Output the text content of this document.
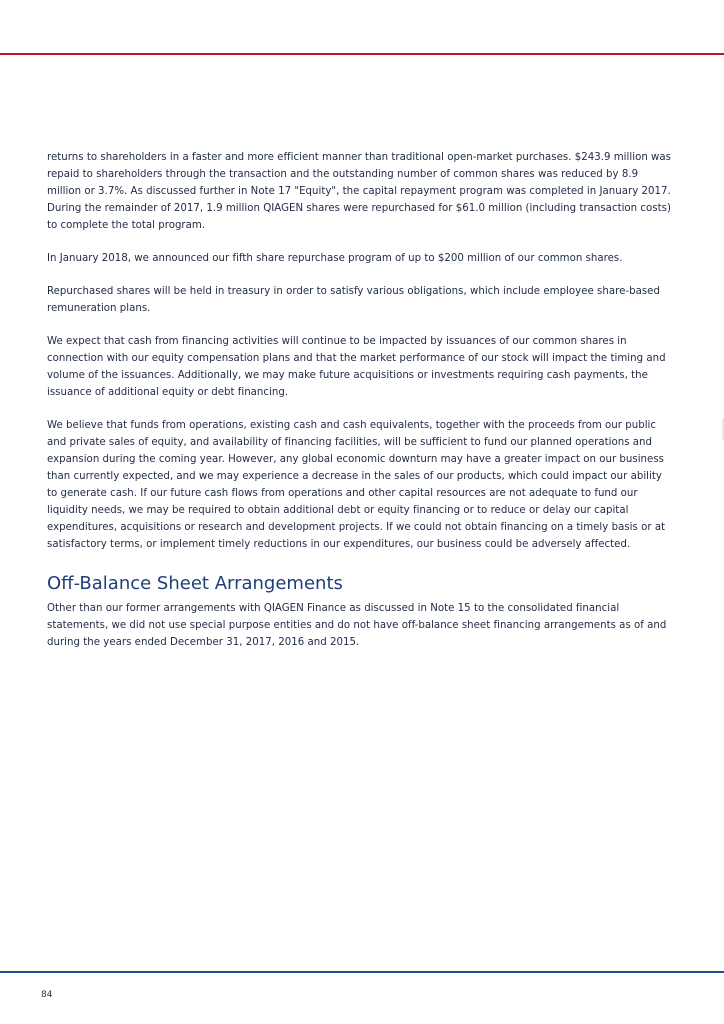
returns to shareholders in a faster and more efficient manner than traditional open-market purchases. $243.9 million was repaid to shareholders through the transaction and the outstanding number of common shares was reduced by 8.9 million or 3.7%. As discussed further in Note 17 "Equity", the capital repayment program was completed in January 2017. During the remainder of 2017, 1.9 million QIAGEN shares were repurchased for $61.0 million (including transaction costs) to complete the total program.

In January 2018, we announced our fifth share repurchase program of up to $200 million of our common shares.

Repurchased shares will be held in treasury in order to satisfy various obligations, which include employee share-based remuneration plans.

We expect that cash from financing activities will continue to be impacted by issuances of our common shares in connection with our equity compensation plans and that the market performance of our stock will impact the timing and volume of the issuances. Additionally, we may make future acquisitions or investments requiring cash payments, the issuance of additional equity or debt financing.

We believe that funds from operations, existing cash and cash equivalents, together with the proceeds from our public and private sales of equity, and availability of financing facilities, will be sufficient to fund our planned operations and expansion during the coming year. However, any global economic downturn may have a greater impact on our business than currently expected, and we may experience a decrease in the sales of our products, which could impact our ability to generate cash. If our future cash flows from operations and other capital resources are not adequate to fund our liquidity needs, we may be required to obtain additional debt or equity financing or to reduce or delay our capital expenditures, acquisitions or research and development projects. If we could not obtain financing on a timely basis or at satisfactory terms, or implement timely reductions in our expenditures, our business could be adversely affected.

Off-Balance Sheet Arrangements

Other than our former arrangements with QIAGEN Finance as discussed in Note 15 to the consolidated financial statements, we did not use special purpose entities and do not have off-balance sheet financing arrangements as of and during the years ended December 31, 2017, 2016 and 2015.

84
